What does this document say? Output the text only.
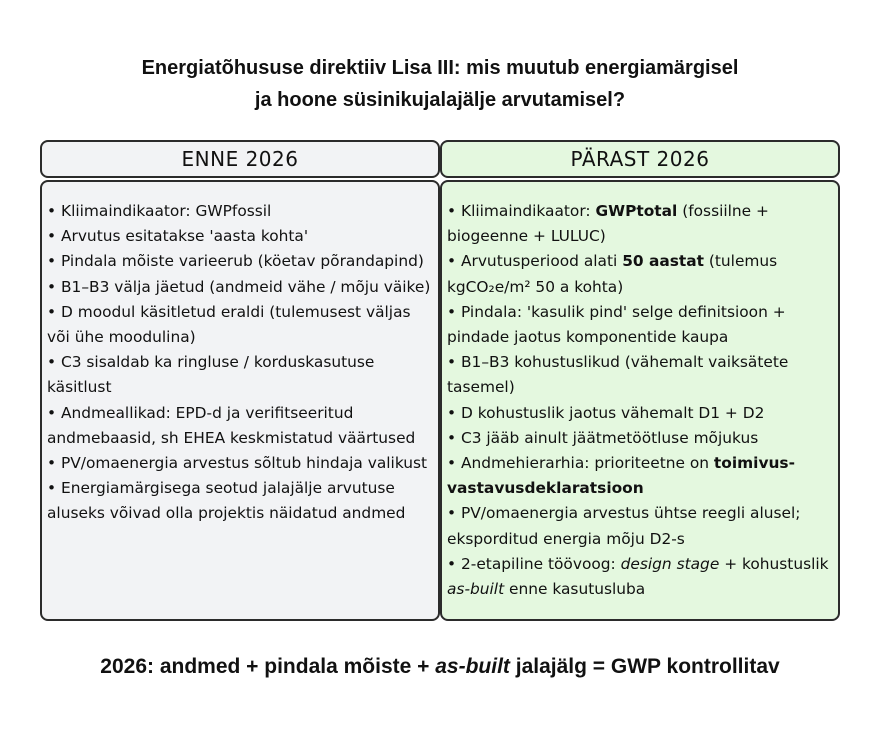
Energiatõhususe direktiiv Lisa III: mis muutub energiamärgisel
ja hoone süsinikujalajälje arvutamisel?
ENNE 2026	PÄRAST 2026
• Kliimaindikaator: GWPfossil
• Arvutus esitatakse 'aasta kohta'
• Pindala mõiste varieerub (köetav põrandapind)
• B1–B3 välja jäetud (andmeid vähe / mõju väike)
• D moodul käsitletud eraldi (tulemusest väljas või ühe moodulina)
• C3 sisaldab ka ringluse / korduskasutuse käsitlust
• Andmeallikad: EPD-d ja verifitseeritud andmebaasid, sh EHEA keskmistatud väärtused
• PV/omaenergia arvestus sõltub hindaja valikust
• Energiamärgisega seotud jalajälje arvutuse aluseks võivad olla projektis näidatud andmed
• Kliimaindikaator: GWPtotal (fossiilne + biogeenne + LULUC)
• Arvutusperiood alati 50 aastat (tulemus kgCO₂e/m² 50 a kohta)
• Pindala: 'kasulik pind' selge definitsioon + pindade jaotus komponentide kaupa
• B1–B3 kohustuslikud (vähemalt vaiksätete tasemel)
• D kohustuslik jaotus vähemalt D1 + D2
• C3 jääb ainult jäätmetöötluse mõjukus
• Andmehierarhia: prioriteetne on toimivus-vastavusdeklaratsioon
• PV/omaenergia arvestus ühtse reegli alusel; eksporditud energia mõju D2-s
• 2-etapiline töövoog: design stage + kohustuslik as-built enne kasutusluba
2026: andmed + pindala mõiste + as-built jalajälg = GWP kontrollitav
